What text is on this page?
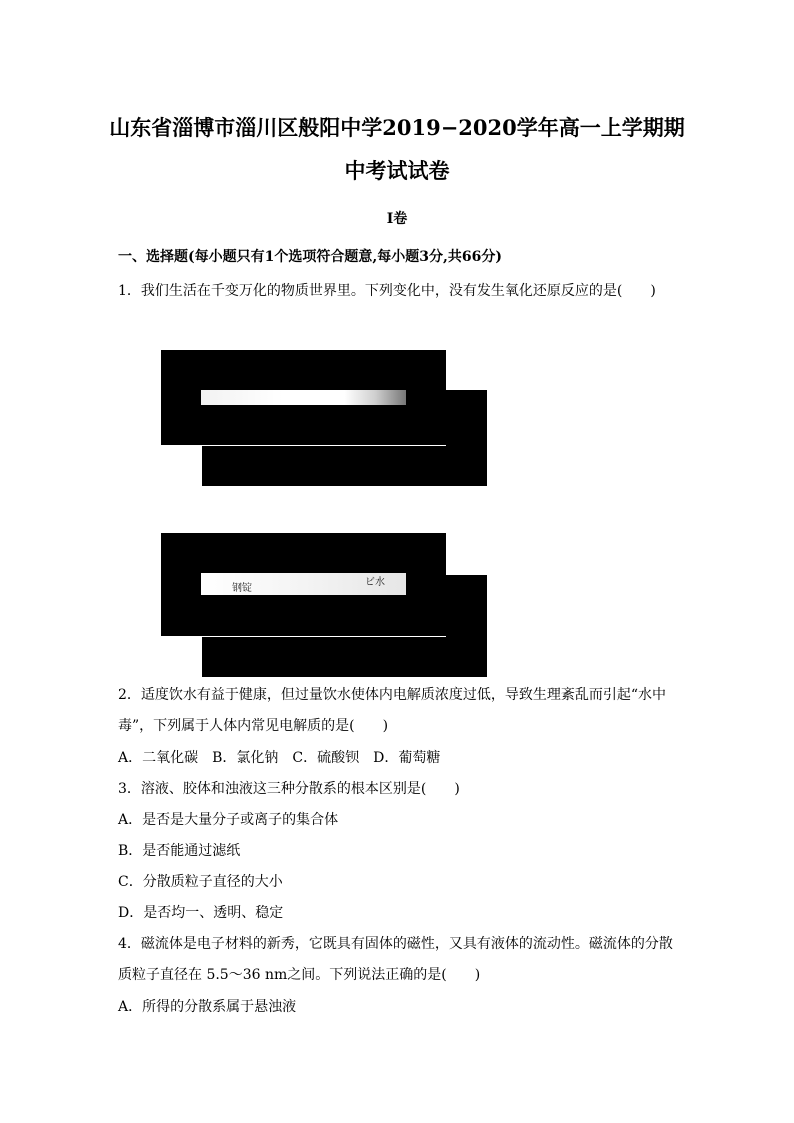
山东省淄博市淄川区般阳中学2019−2020学年高一上学期期
中考试试卷
I卷
一、选择题(每小题只有1个选项符合题意,每小题3分,共66分)
1．我们生活在千变万化的物质世界里。下列变化中，没有发生氧化还原反应的是(　　)
钢锭
ビ水
2．适度饮水有益于健康，但过量饮水使体内电解质浓度过低，导致生理紊乱而引起“水中
毒”，下列属于人体内常见电解质的是(　　)
A．二氧化碳　B．氯化钠　C．硫酸钡　D．葡萄糖
3．溶液、胶体和浊液这三种分散系的根本区别是(　　)
A．是否是大量分子或离子的集合体
B．是否能通过滤纸
C．分散质粒子直径的大小
D．是否均一、透明、稳定
4．磁流体是电子材料的新秀，它既具有固体的磁性，又具有液体的流动性。磁流体的分散
质粒子直径在 5.5～36 nm之间。下列说法正确的是(　　)
A．所得的分散系属于悬浊液
